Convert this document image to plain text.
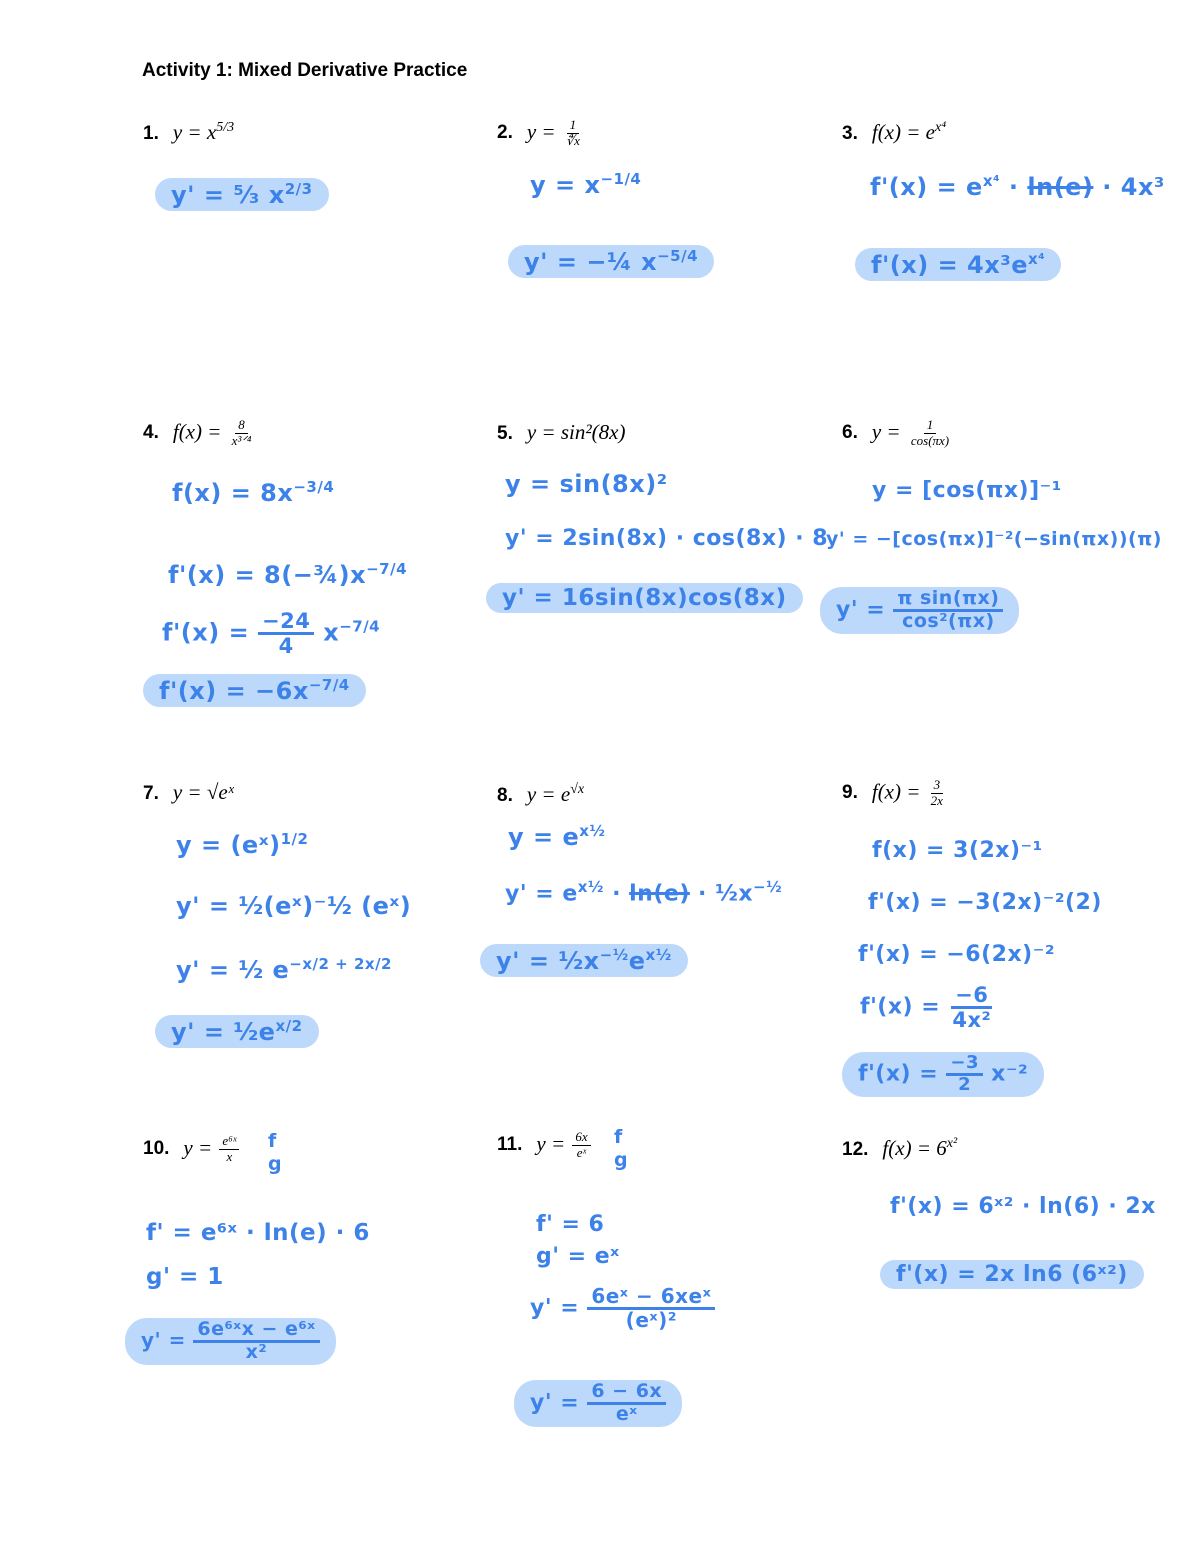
Activity 1: Mixed Derivative Practice
1. $y = x^{5/3}$	2. $y = \frac{1}{∜x}$	3. $f(x) = e^{x^4}$
4. $f(x) = \frac{8}{\text{x³ᐟ⁴}}$	5. y = sin²(8x)	6. $y = \frac{1}{\cos(\pi x)}$
7. y = √eˣ	8. $y = e^{√x}$	9. $f(x) = \frac{3}{2x}$
10. $y = \frac{\text{e⁶ˣ}}{x}$ f
g
11. $y = \frac{6x}{\text{eˣ}}$ f
g	12. $f(x) = 6^{x^2}$
y' = ⁵⁄₃ $x^{2/3}$	$y = x^{-1/4}$
y' = −¼ $x^{-5/4}$
$f'(x) = e^{x^4} \cdot \ln(e) \cdot 4x^3$
$f'(x) = 4x^3e^{x^4}$
$f(x) = 8x^{-3/4}$
$f'(x) = 8(-\frac{3}{4})x^{-7/4}$
$f'(x) = \frac{-24}{4} x^{-7/4}$
$f'(x) = -6x^{-7/4}$
y = sin(8x)²
y' = 2sin(8x) · cos(8x) · 8
y' = 16sin(8x)cos(8x)
y = [cos(πx)]⁻¹
y' = −[cos(πx)]⁻²(−sin(πx))(π)
$y' = \frac{\text{π sin(πx)}}{\text{cos²(πx)}}$
y = (eˣ)$^{1/2}$
y' = ½(eˣ)⁻½ (eˣ)
y' = ½ $e^{-x/2 + 2x/2}$
$y' = \frac{1}{2}e^{x/2}$
$y = e^{x\frac{1}{2}}$
$y' = e^{x\frac{1}{2}} \cdot \ln(e)$ · $\frac{1}{2}x^{-\frac{1}{2}}$
$y' = \frac{1}{2}x^{-\frac{1}{2}}e^{x\frac{1}{2}}$
f(x) = 3(2x)⁻¹
f'(x) = −3(2x)⁻²(2)
f'(x) = −6(2x)⁻²
$f'(x) = \frac{-6}{\text{4x²}}$
$f'(x) = \frac{-3}{2} x^{-2}$
f' = e⁶ˣ · ln(e) · 6
g' = 1
$y' = \frac{\text{6e⁶ˣx − e⁶ˣ}}{\text{x²}}$
f' = 6
g' = eˣ
y' = 6eˣ − 6xeˣ
(eˣ)²
$y' = \frac{6 - 6x}{\text{eˣ}}$
f'(x) = 6ˣ² · ln(6) · 2x
f'(x) = 2x ln6 (6ˣ²)
